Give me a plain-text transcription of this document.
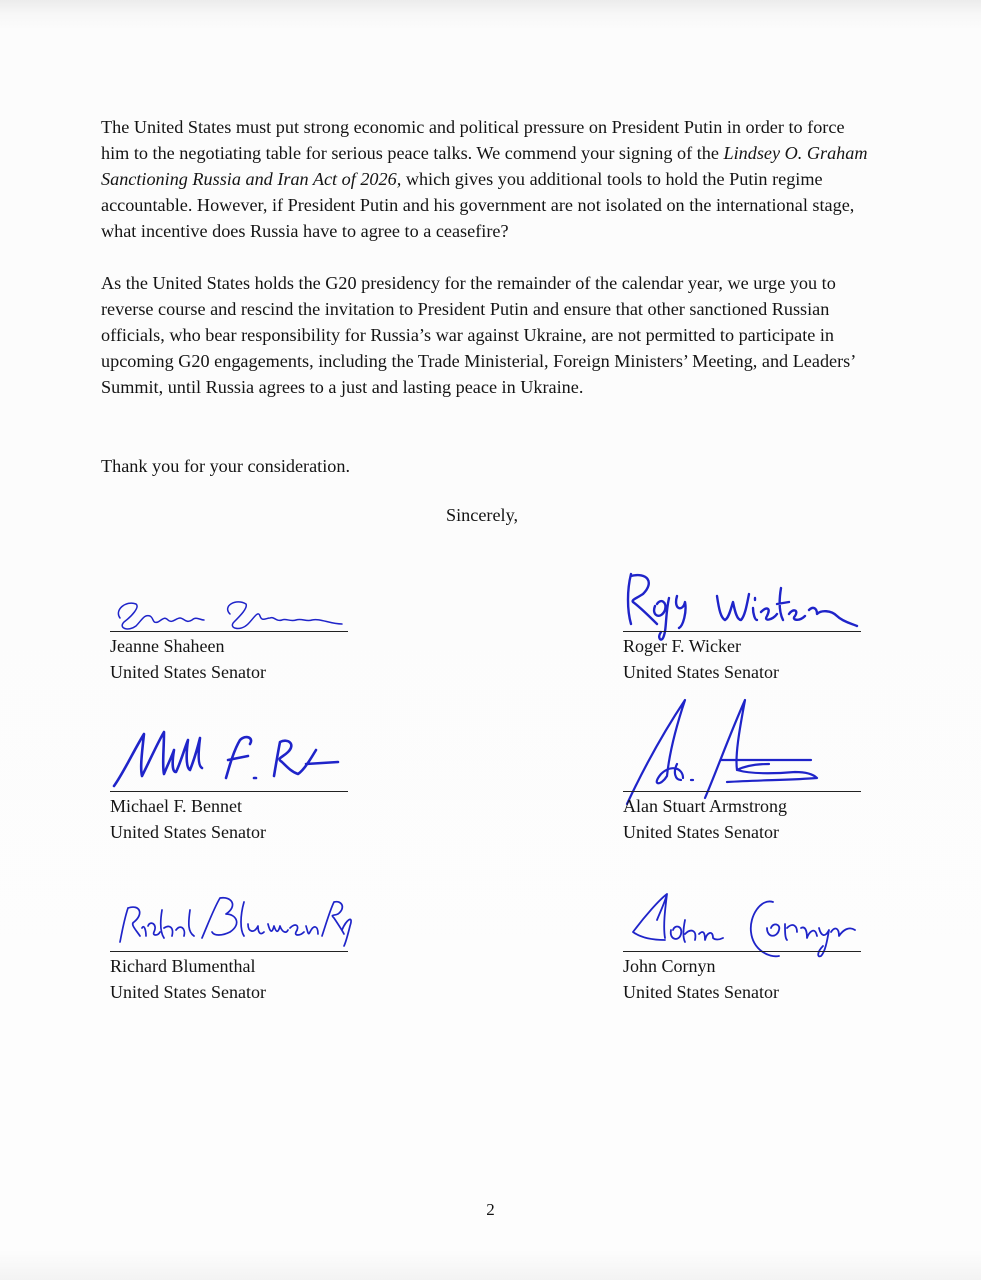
The United States must put strong economic and political pressure on President Putin in order to force him to the negotiating table for serious peace talks. We commend your signing of the Lindsey O. Graham Sanctioning Russia and Iran Act of 2026, which gives you additional tools to hold the Putin regime accountable. However, if President Putin and his government are not isolated on the international stage, what incentive does Russia have to agree to a ceasefire?

As the United States holds the G20 presidency for the remainder of the calendar year, we urge you to reverse course and rescind the invitation to President Putin and ensure that other sanctioned Russian officials, who bear responsibility for Russia’s war against Ukraine, are not permitted to participate in upcoming G20 engagements, including the Trade Ministerial, Foreign Ministers’ Meeting, and Leaders’ Summit, until Russia agrees to a just and lasting peace in Ukraine.

Thank you for your consideration.

Sincerely,

Jeanne Shaheen
United States Senator
Roger F. Wicker
United States Senator
Michael F. Bennet
United States Senator
Alan Stuart Armstrong
United States Senator
Richard Blumenthal
United States Senator
John Cornyn
United States Senator
2
